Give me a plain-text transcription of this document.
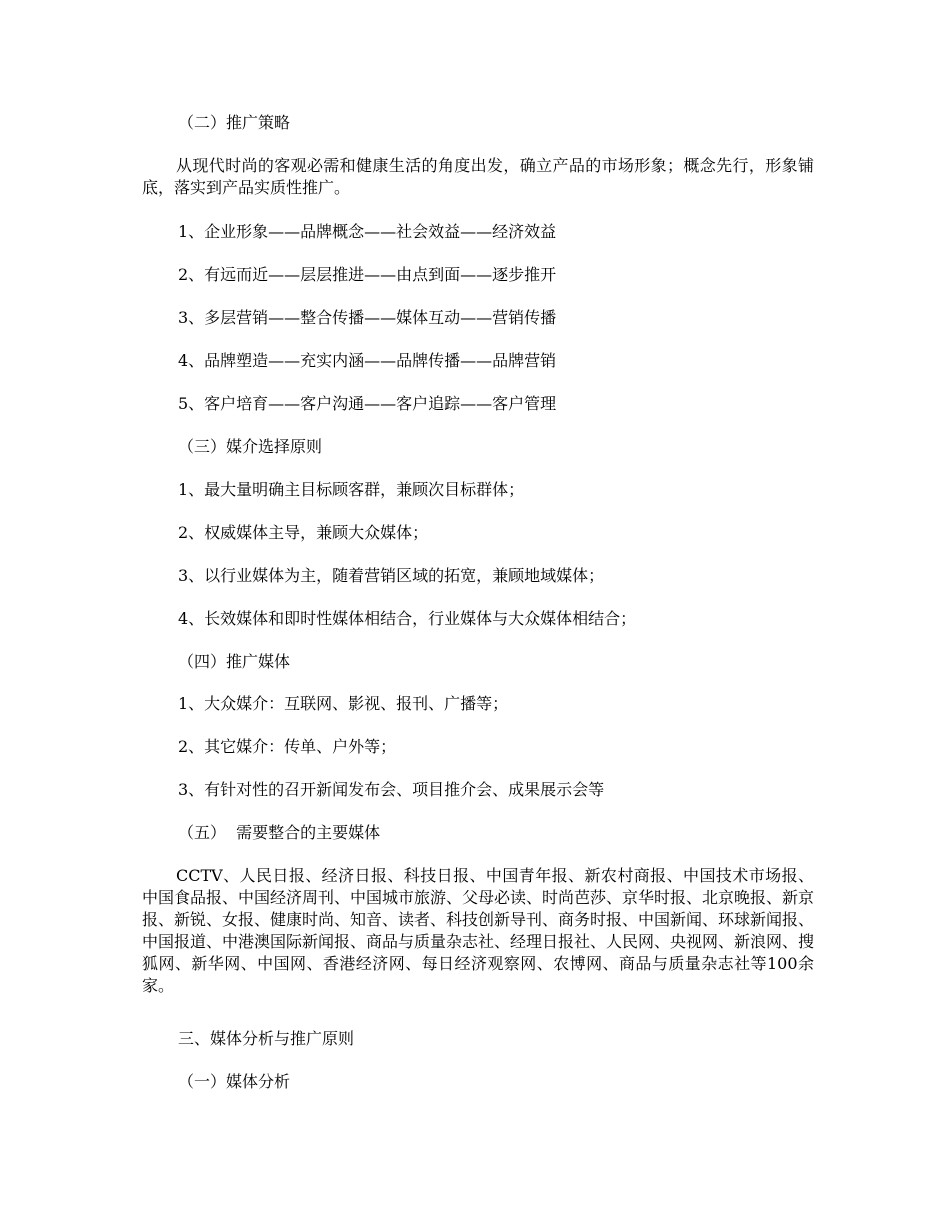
（二）推广策略
从现代时尚的客观必需和健康生活的角度出发，确立产品的市场形象；概念先行，形象铺底，落实到产品实质性推广。
1、企业形象——品牌概念——社会效益——经济效益
2、有远而近——层层推进——由点到面——逐步推开
3、多层营销——整合传播——媒体互动——营销传播
4、品牌塑造——充实内涵——品牌传播——品牌营销
5、客户培育——客户沟通——客户追踪——客户管理
（三）媒介选择原则
1、最大量明确主目标顾客群，兼顾次目标群体；
2、权威媒体主导，兼顾大众媒体；
3、以行业媒体为主，随着营销区域的拓宽，兼顾地域媒体；
4、长效媒体和即时性媒体相结合，行业媒体与大众媒体相结合；
（四）推广媒体
1、大众媒介：互联网、影视、报刊、广播等；
2、其它媒介：传单、户外等；
3、有针对性的召开新闻发布会、项目推介会、成果展示会等
（五）  需要整合的主要媒体
CCTV、人民日报、经济日报、科技日报、中国青年报、新农村商报、中国技术市场报、中国食品报、中国经济周刊、中国城市旅游、父母必读、时尚芭莎、京华时报、北京晚报、新京报、新锐、女报、健康时尚、知音、读者、科技创新导刊、商务时报、中国新闻、环球新闻报、中国报道、中港澳国际新闻报、商品与质量杂志社、经理日报社、人民网、央视网、新浪网、搜狐网、新华网、中国网、香港经济网、每日经济观察网、农博网、商品与质量杂志社等100余家。
三、媒体分析与推广原则
（一）媒体分析
